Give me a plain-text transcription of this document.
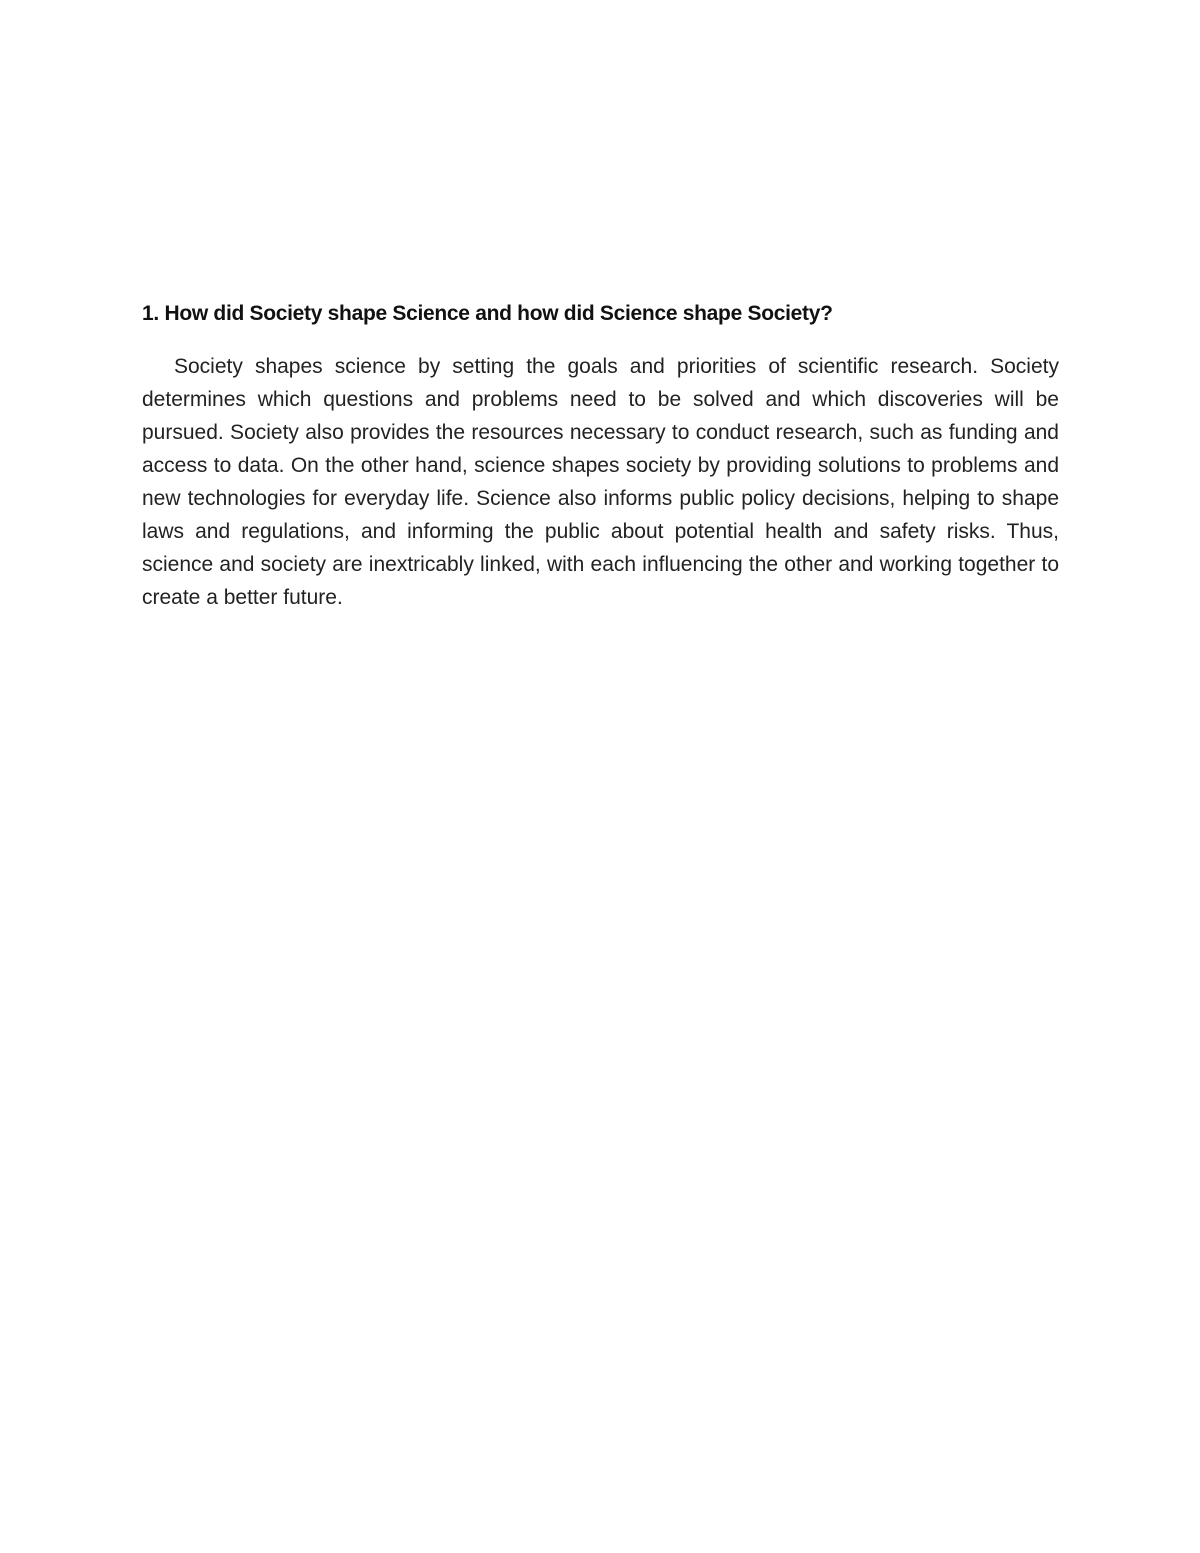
1. How did Society shape Science and how did Science shape Society?

Society shapes science by setting the goals and priorities of scientific research. Society determines which questions and problems need to be solved and which discoveries will be pursued. Society also provides the resources necessary to conduct research, such as funding and access to data. On the other hand, science shapes society by providing solutions to problems and new technologies for everyday life. Science also informs public policy decisions, helping to shape laws and regulations, and informing the public about potential health and safety risks. Thus, science and society are inextricably linked, with each influencing the other and working together to create a better future.
